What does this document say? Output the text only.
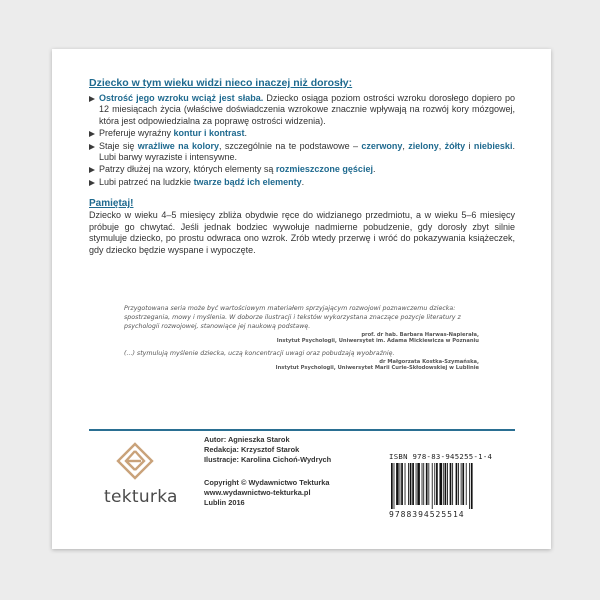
Dziecko w tym wieku widzi nieco inaczej niż dorosły:

Ostrość jego wzroku wciąż jest słaba. Dziecko osiąga poziom ostrości wzroku dorosłego dopiero po 12 miesiącach życia (właściwe doświadczenia wzrokowe znacznie wpływają na rozwój kory mózgowej, która jest odpowiedzialna za poprawę ostrości widzenia).
Preferuje wyraźny kontur i kontrast.
Staje się wrażliwe na kolory, szczególnie na te podstawowe – czerwony, zielony, żółty i niebieski. Lubi barwy wyraziste i intensywne.
Patrzy dłużej na wzory, których elementy są rozmieszczone gęściej.
Lubi patrzeć na ludzkie twarze bądź ich elementy.

Pamiętaj!

Dziecko w wieku 4–5 miesięcy zbliża obydwie ręce do widzianego przedmiotu, a w wieku 5–6 miesięcy próbuje go chwytać. Jeśli jednak bodziec wywołuje nadmierne pobudzenie, gdy dorosły zbyt silnie stymuluje dziecko, po prostu odwraca ono wzrok. Zrób wtedy przerwę i wróć do pokazywania książeczek, gdy dziecko będzie wyspane i wypoczęte.

Przygotowana seria może być wartościowym materiałem sprzyjającym rozwojowi poznawczemu dziecka: spostrzegania, mowy i myślenia. W doborze ilustracji i tekstów wykorzystana znaczące pozycje literatury z psychologii rozwojowej, stanowiące jej naukową podstawę.

prof. dr hab. Barbara Harwas-Napierała,
Instytut Psychologii, Uniwersytet im. Adama Mickiewicza w Poznaniu

(...) stymulują myślenie dziecka, uczą koncentracji uwagi oraz pobudzają wyobraźnię.

dr Małgorzata Kostka-Szymańska,
Instytut Psychologii, Uniwersytet Marii Curie-Skłodowskiej w Lublinie
tekturka

Autor: Agnieszka Starok

Redakcja: Krzysztof Starok

Ilustracje: Karolina Cichoń-Wydrych

Copyright © Wydawnictwo Tekturka

www.wydawnictwo-tekturka.pl

Lublin 2016

ISBN 978-83-945255-1-4
9788394525514
